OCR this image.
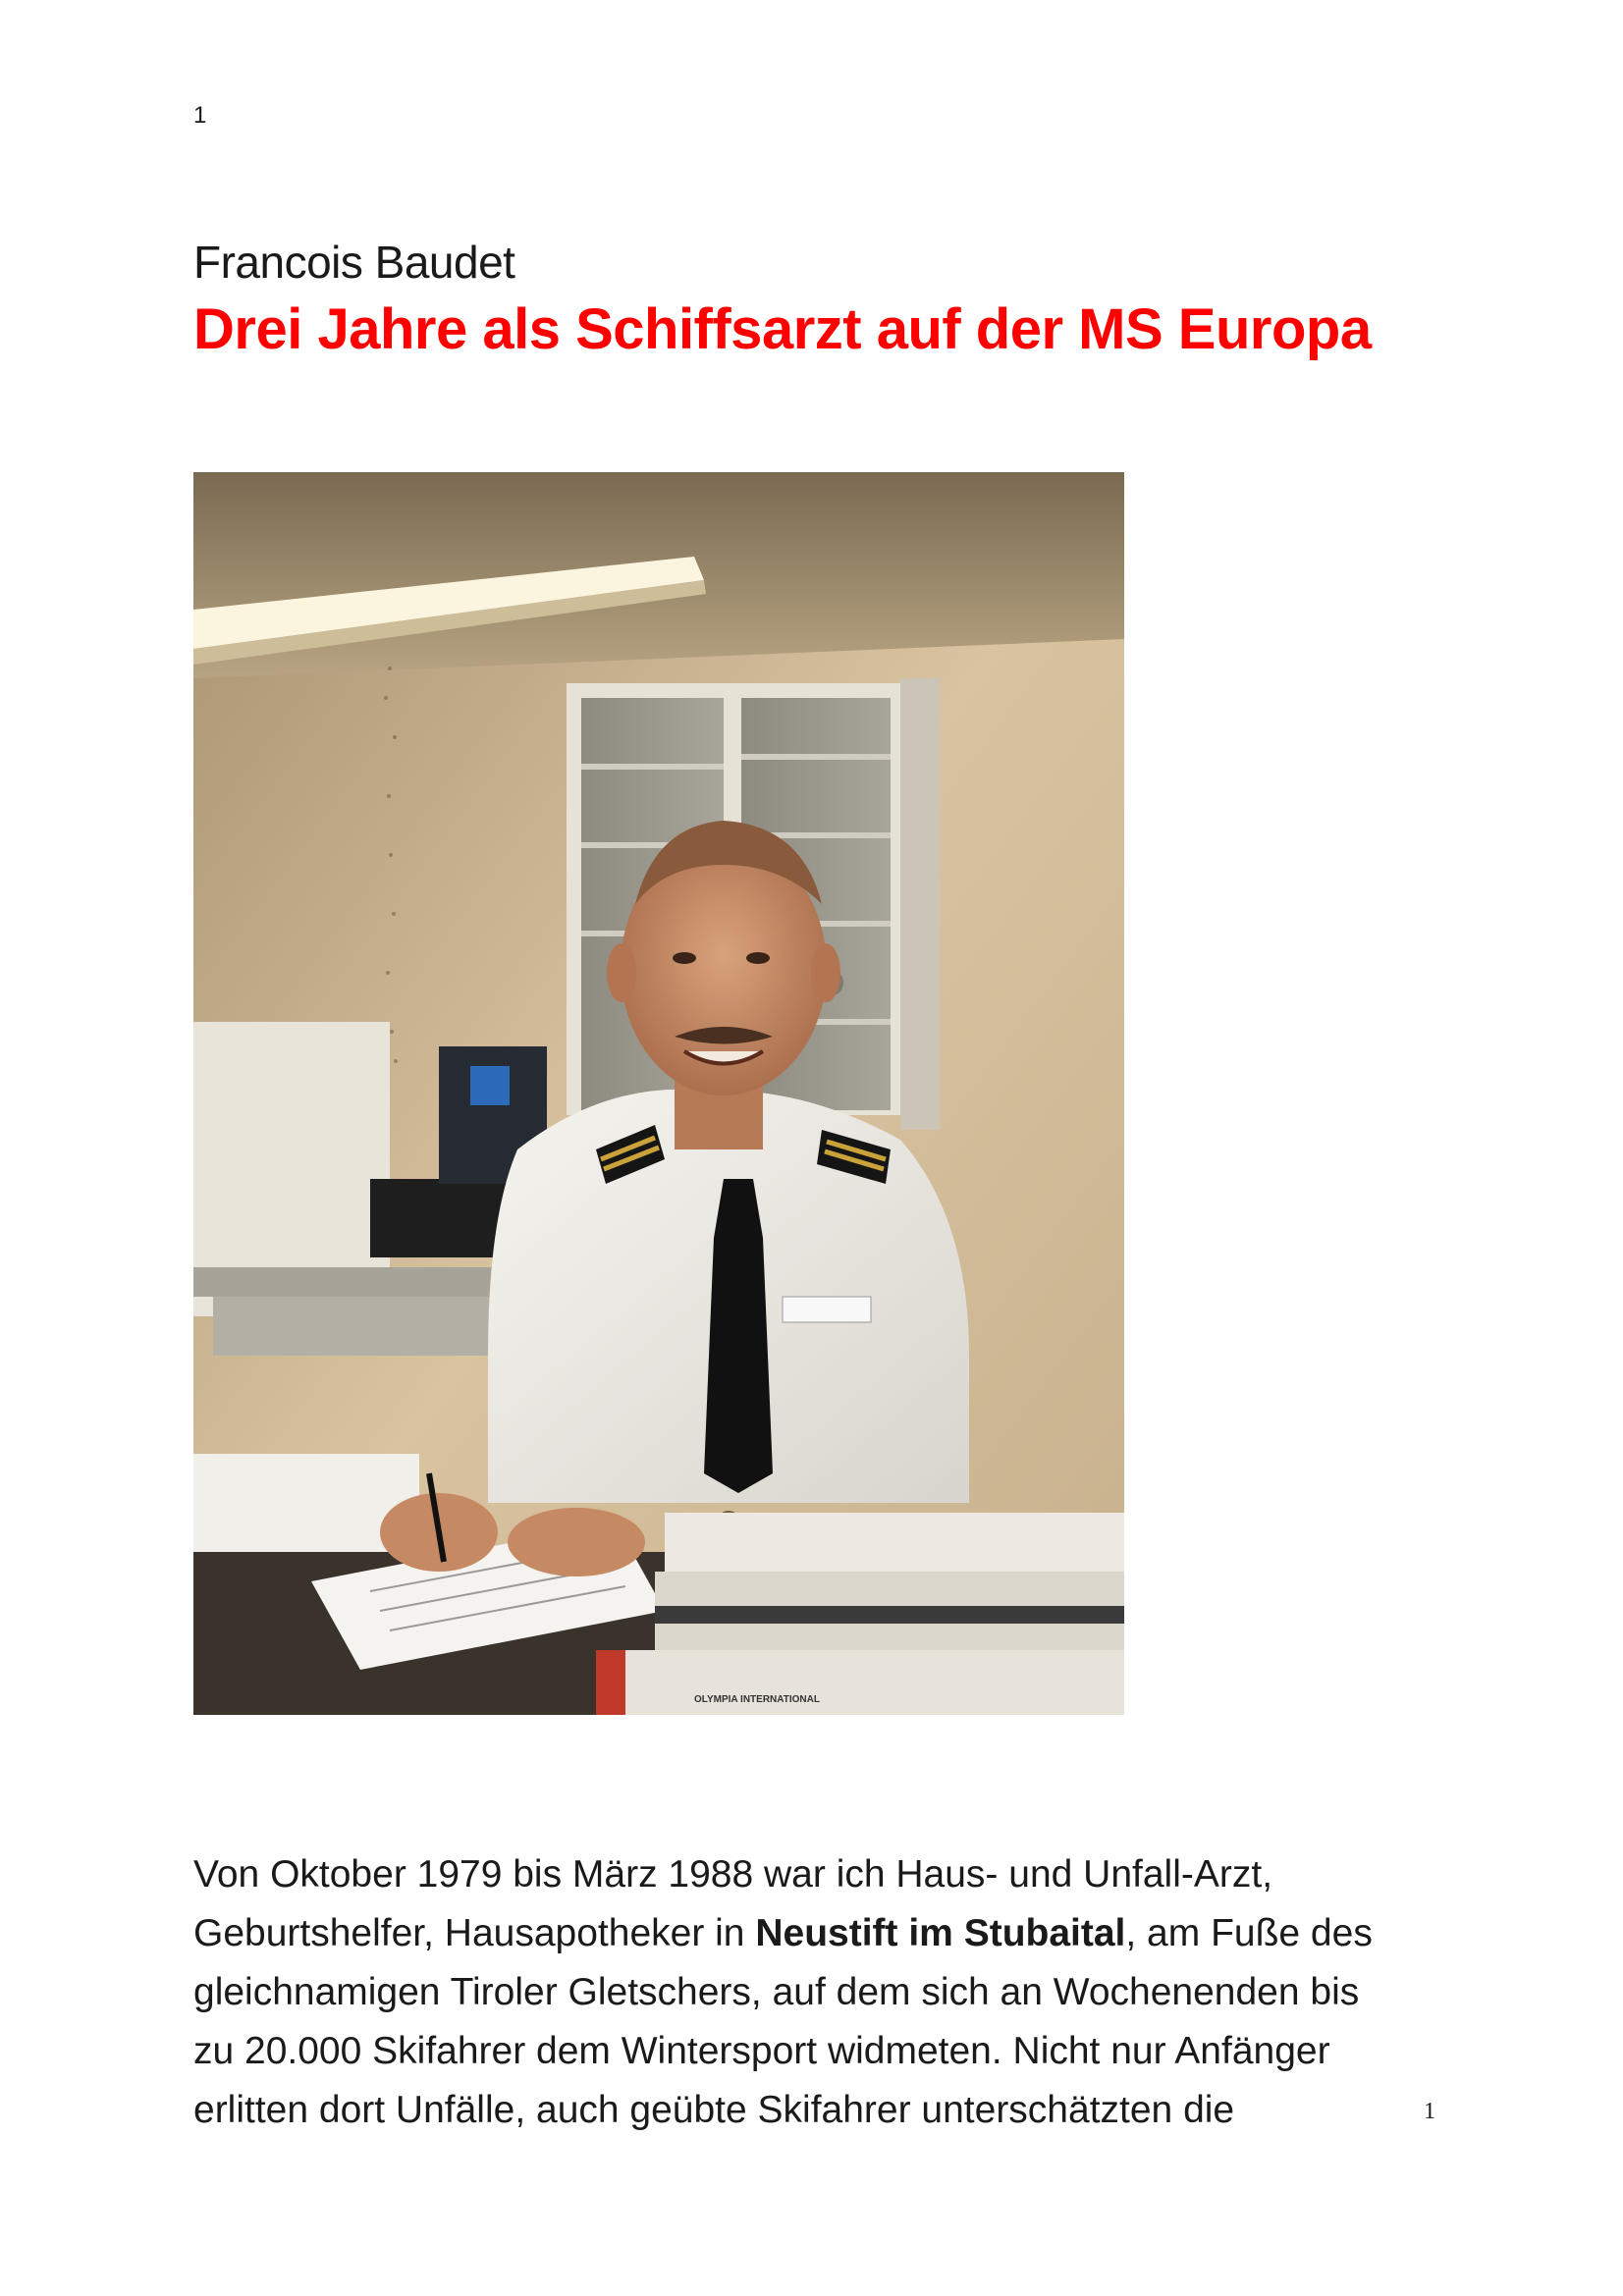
1
Francois Baudet
Drei Jahre als Schiffsarzt auf der MS Europa
OLYMPIA INTERNATIONAL
Von Oktober 1979 bis März 1988 war ich Haus- und Unfall-Arzt,
Geburtshelfer, Hausapotheker in Neustift im Stubaital, am Fuße des
gleichnamigen Tiroler Gletschers, auf dem sich an Wochenenden bis
zu 20.000 Skifahrer dem Wintersport widmeten. Nicht nur Anfänger
erlitten dort Unfälle, auch geübte Skifahrer unterschätzten die	1
